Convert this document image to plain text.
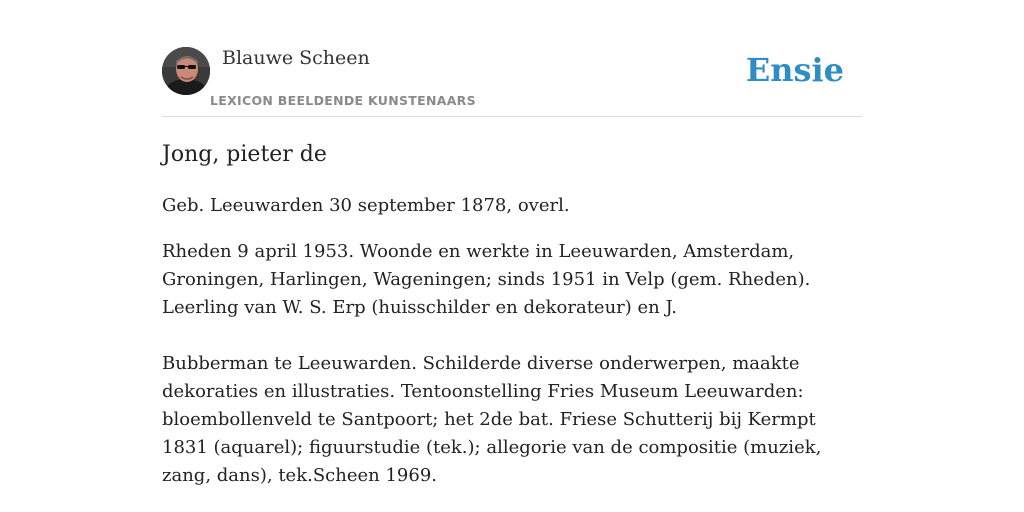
Blauwe Scheen
LEXICON BEELDENDE KUNSTENAARS
Ensie
Jong, pieter de

Geb. Leeuwarden 30 september 1878, overl.

Rheden 9 april 1953. Woonde en werkte in Leeuwarden, Amsterdam, Groningen, Harlingen, Wageningen; sinds 1951 in Velp (gem. Rheden). Leerling van W. S. Erp (huisschilder en dekorateur) en J.

Bubberman te Leeuwarden. Schilderde diverse onderwerpen, maakte dekoraties en illustraties. Tentoonstelling Fries Museum Leeuwarden: bloembollenveld te Santpoort; het 2de bat. Friese Schutterij bij Kermpt 1831 (aquarel); figuurstudie (tek.); allegorie van de compositie (muziek, zang, dans), tek.Scheen 1969.
